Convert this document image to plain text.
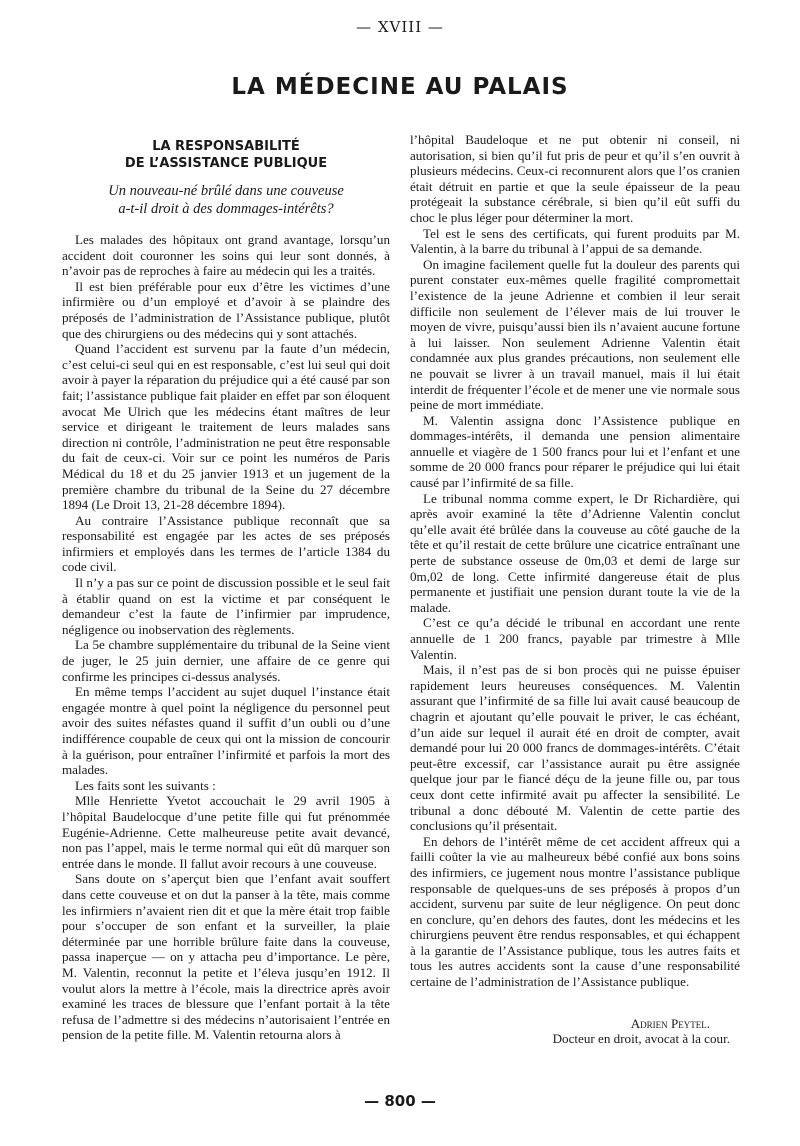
— XVIII —
LA MÉDECINE AU PALAIS
LA RESPONSABILITÉ
DE L’ASSISTANCE PUBLIQUE
Un nouveau-né brûlé dans une couveuse
a-t-il droit à des dommages-intérêts?

Les malades des hôpitaux ont grand avantage, lorsqu’un accident doit couronner les soins qui leur sont donnés, à n’avoir pas de reproches à faire au médecin qui les a traités.

Il est bien préférable pour eux d’être les victimes d’une infirmière ou d’un employé et d’avoir à se plaindre des préposés de l’administration de l’Assistance publique, plutôt que des chirurgiens ou des médecins qui y sont attachés.

Quand l’accident est survenu par la faute d’un médecin, c’est celui-ci seul qui en est responsable, c’est lui seul qui doit avoir à payer la réparation du préjudice qui a été causé par son fait; l’assistance publique fait plaider en effet par son éloquent avocat Me Ulrich que les médecins étant maîtres de leur service et dirigeant le traitement de leurs malades sans direction ni contrôle, l’administration ne peut être responsable du fait de ceux-ci. Voir sur ce point les numéros de Paris Médical du 18 et du 25 janvier 1913 et un jugement de la première chambre du tribunal de la Seine du 27 décembre 1894 (Le Droit 13, 21-28 décembre 1894).

Au contraire l’Assistance publique reconnaît que sa responsabilité est engagée par les actes de ses préposés infirmiers et employés dans les termes de l’article 1384 du code civil.

Il n’y a pas sur ce point de discussion possible et le seul fait à établir quand on est la victime et par conséquent le demandeur c’est la faute de l’infirmier par imprudence, négligence ou inobservation des règlements.

La 5e chambre supplémentaire du tribunal de la Seine vient de juger, le 25 juin dernier, une affaire de ce genre qui confirme les principes ci-dessus analysés.

En même temps l’accident au sujet duquel l’instance était engagée montre à quel point la négligence du personnel peut avoir des suites néfastes quand il suffit d’un oubli ou d’une indifférence coupable de ceux qui ont la mission de concourir à la guérison, pour entraîner l’infirmité et parfois la mort des malades.

Les faits sont les suivants :

Mlle Henriette Yvetot accouchait le 29 avril 1905 à l’hôpital Baudelocque d’une petite fille qui fut prénommée Eugénie-Adrienne. Cette malheureuse petite avait devancé, non pas l’appel, mais le terme normal qui eût dû marquer son entrée dans le monde. Il fallut avoir recours à une couveuse.

Sans doute on s’aperçut bien que l’enfant avait souffert dans cette couveuse et on dut la panser à la tête, mais comme les infirmiers n’avaient rien dit et que la mère était trop faible pour s’occuper de son enfant et la surveiller, la plaie déterminée par une horrible brûlure faite dans la couveuse, passa inaperçue — on y attacha peu d’importance. Le père, M. Valentin, reconnut la petite et l’éleva jusqu’en 1912. Il voulut alors la mettre à l’école, mais la directrice après avoir examiné les traces de blessure que l’enfant portait à la tête refusa de l’admettre si des médecins n’autorisaient l’entrée en pension de la petite fille. M. Valentin retourna alors à

l’hôpital Baudeloque et ne put obtenir ni conseil, ni autorisation, si bien qu’il fut pris de peur et qu’il s’en ouvrit à plusieurs médecins. Ceux-ci reconnurent alors que l’os cranien était détruit en partie et que la seule épaisseur de la peau protégeait la substance cérébrale, si bien qu’il eût suffi du choc le plus léger pour déterminer la mort.

Tel est le sens des certificats, qui furent produits par M. Valentin, à la barre du tribunal à l’appui de sa demande.

On imagine facilement quelle fut la douleur des parents qui purent constater eux-mêmes quelle fragilité compromettait l’existence de la jeune Adrienne et combien il leur serait difficile non seulement de l’élever mais de lui trouver le moyen de vivre, puisqu’aussi bien ils n’avaient aucune fortune à lui laisser. Non seulement Adrienne Valentin était condamnée aux plus grandes précautions, non seulement elle ne pouvait se livrer à un travail manuel, mais il lui était interdit de fréquenter l’école et de mener une vie normale sous peine de mort immédiate.

M. Valentin assigna donc l’Assistence publique en dommages-intérêts, il demanda une pension alimentaire annuelle et viagère de 1 500 francs pour lui et l’enfant et une somme de 20 000 francs pour réparer le préjudice qui lui était causé par l’infirmité de sa fille.

Le tribunal nomma comme expert, le Dr Richardière, qui après avoir examiné la tête d’Adrienne Valentin conclut qu’elle avait été brûlée dans la couveuse au côté gauche de la tête et qu’il restait de cette brûlure une cicatrice entraînant une perte de substance osseuse de 0m,03 et demi de large sur 0m,02 de long. Cette infirmité dangereuse était de plus permanente et justifiait une pension durant toute la vie de la malade.

C’est ce qu’a décidé le tribunal en accordant une rente annuelle de 1 200 francs, payable par trimestre à Mlle Valentin.

Mais, il n’est pas de si bon procès qui ne puisse épuiser rapidement leurs heureuses conséquences. M. Valentin assurant que l’infirmité de sa fille lui avait causé beaucoup de chagrin et ajoutant qu’elle pouvait le priver, le cas échéant, d’un aide sur lequel il aurait été en droit de compter, avait demandé pour lui 20 000 francs de dommages-intérêts. C’était peut-être excessif, car l’assistance aurait pu être assignée quelque jour par le fiancé déçu de la jeune fille ou, par tous ceux dont cette infirmité avait pu affecter la sensibilité. Le tribunal a donc débouté M. Valentin de cette partie des conclusions qu’il présentait.

En dehors de l’intérêt même de cet accident affreux qui a failli coûter la vie au malheureux bébé confié aux bons soins des infirmiers, ce jugement nous montre l’assistance publique responsable de quelques-uns de ses préposés à propos d’un accident, survenu par suite de leur négligence. On peut donc en conclure, qu’en dehors des fautes, dont les médecins et les chirurgiens peuvent être rendus responsables, et qui échappent à la garantie de l’Assistance publique, tous les autres faits et tous les autres accidents sont la cause d’une responsabilité certaine de l’administration de l’Assistance publique.

Adrien Peytel.
Docteur en droit, avocat à la cour.
— 800 —
